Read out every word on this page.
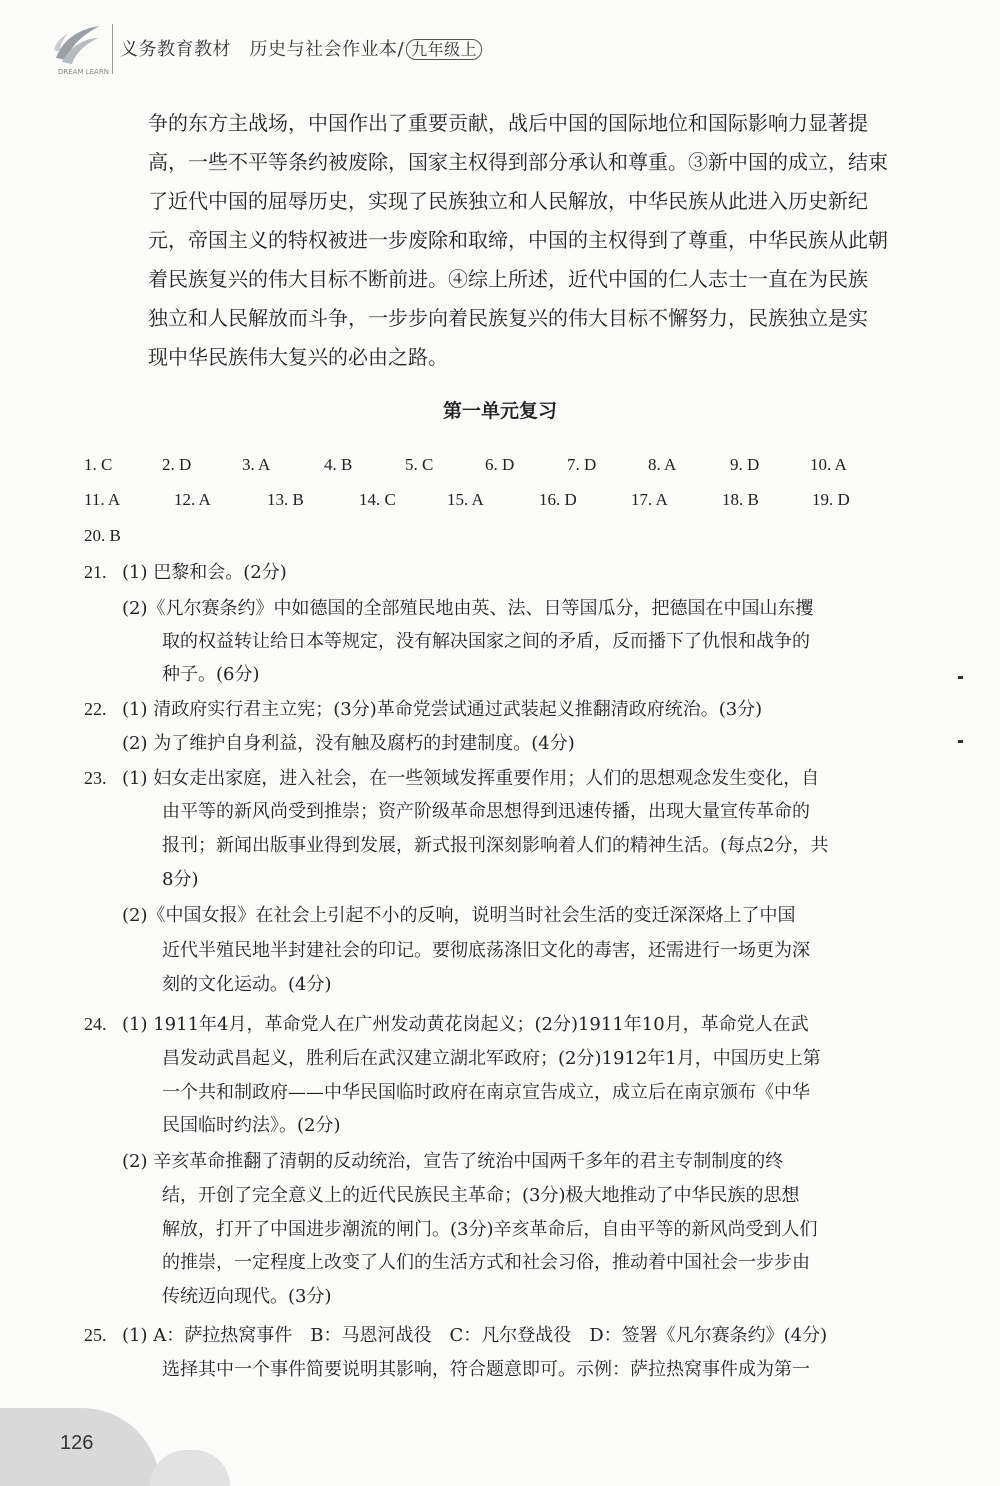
DREAM LEARN
义务教育教材　历史与社会作业本/ 九年级上
争的东方主战场，中国作出了重要贡献，战后中国的国际地位和国际影响力显著提
高，一些不平等条约被废除，国家主权得到部分承认和尊重。③新中国的成立，结束
了近代中国的屈辱历史，实现了民族独立和人民解放，中华民族从此进入历史新纪
元，帝国主义的特权被进一步废除和取缔，中国的主权得到了尊重，中华民族从此朝
着民族复兴的伟大目标不断前进。④综上所述，近代中国的仁人志士一直在为民族
独立和人民解放而斗争，一步步向着民族复兴的伟大目标不懈努力，民族独立是实
现中华民族伟大复兴的必由之路。
第一单元复习
1. C	2. D	3. A	4. B	5. C	6. D	7. D	8. A	9. D	10. A
11. A	12. A	13. B	14. C	15. A	16. D	17. A	18. B	19. D
20. B
21. (1) 巴黎和会。(2分)
(2)《凡尔赛条约》中如德国的全部殖民地由英、法、日等国瓜分，把德国在中国山东攫
取的权益转让给日本等规定，没有解决国家之间的矛盾，反而播下了仇恨和战争的
种子。(6分)
22. (1) 清政府实行君主立宪；(3分)革命党尝试通过武装起义推翻清政府统治。(3分)
(2) 为了维护自身利益，没有触及腐朽的封建制度。(4分)
23. (1) 妇女走出家庭，进入社会，在一些领域发挥重要作用；人们的思想观念发生变化，自
由平等的新风尚受到推崇；资产阶级革命思想得到迅速传播，出现大量宣传革命的
报刊；新闻出版事业得到发展，新式报刊深刻影响着人们的精神生活。(每点2分，共
8分)
(2)《中国女报》在社会上引起不小的反响，说明当时社会生活的变迁深深烙上了中国
近代半殖民地半封建社会的印记。要彻底荡涤旧文化的毒害，还需进行一场更为深
刻的文化运动。(4分)
24. (1) 1911年4月，革命党人在广州发动黄花岗起义；(2分)1911年10月，革命党人在武
昌发动武昌起义，胜利后在武汉建立湖北军政府；(2分)1912年1月，中国历史上第
一个共和制政府——中华民国临时政府在南京宣告成立，成立后在南京颁布《中华
民国临时约法》。(2分)
(2) 辛亥革命推翻了清朝的反动统治，宣告了统治中国两千多年的君主专制制度的终
结，开创了完全意义上的近代民族民主革命；(3分)极大地推动了中华民族的思想
解放，打开了中国进步潮流的闸门。(3分)辛亥革命后，自由平等的新风尚受到人们
的推崇，一定程度上改变了人们的生活方式和社会习俗，推动着中国社会一步步由
传统迈向现代。(3分)
25. (1) A：萨拉热窝事件　B：马恩河战役　C：凡尔登战役　D：签署《凡尔赛条约》(4分)
选择其中一个事件简要说明其影响，符合题意即可。示例：萨拉热窝事件成为第一
126
